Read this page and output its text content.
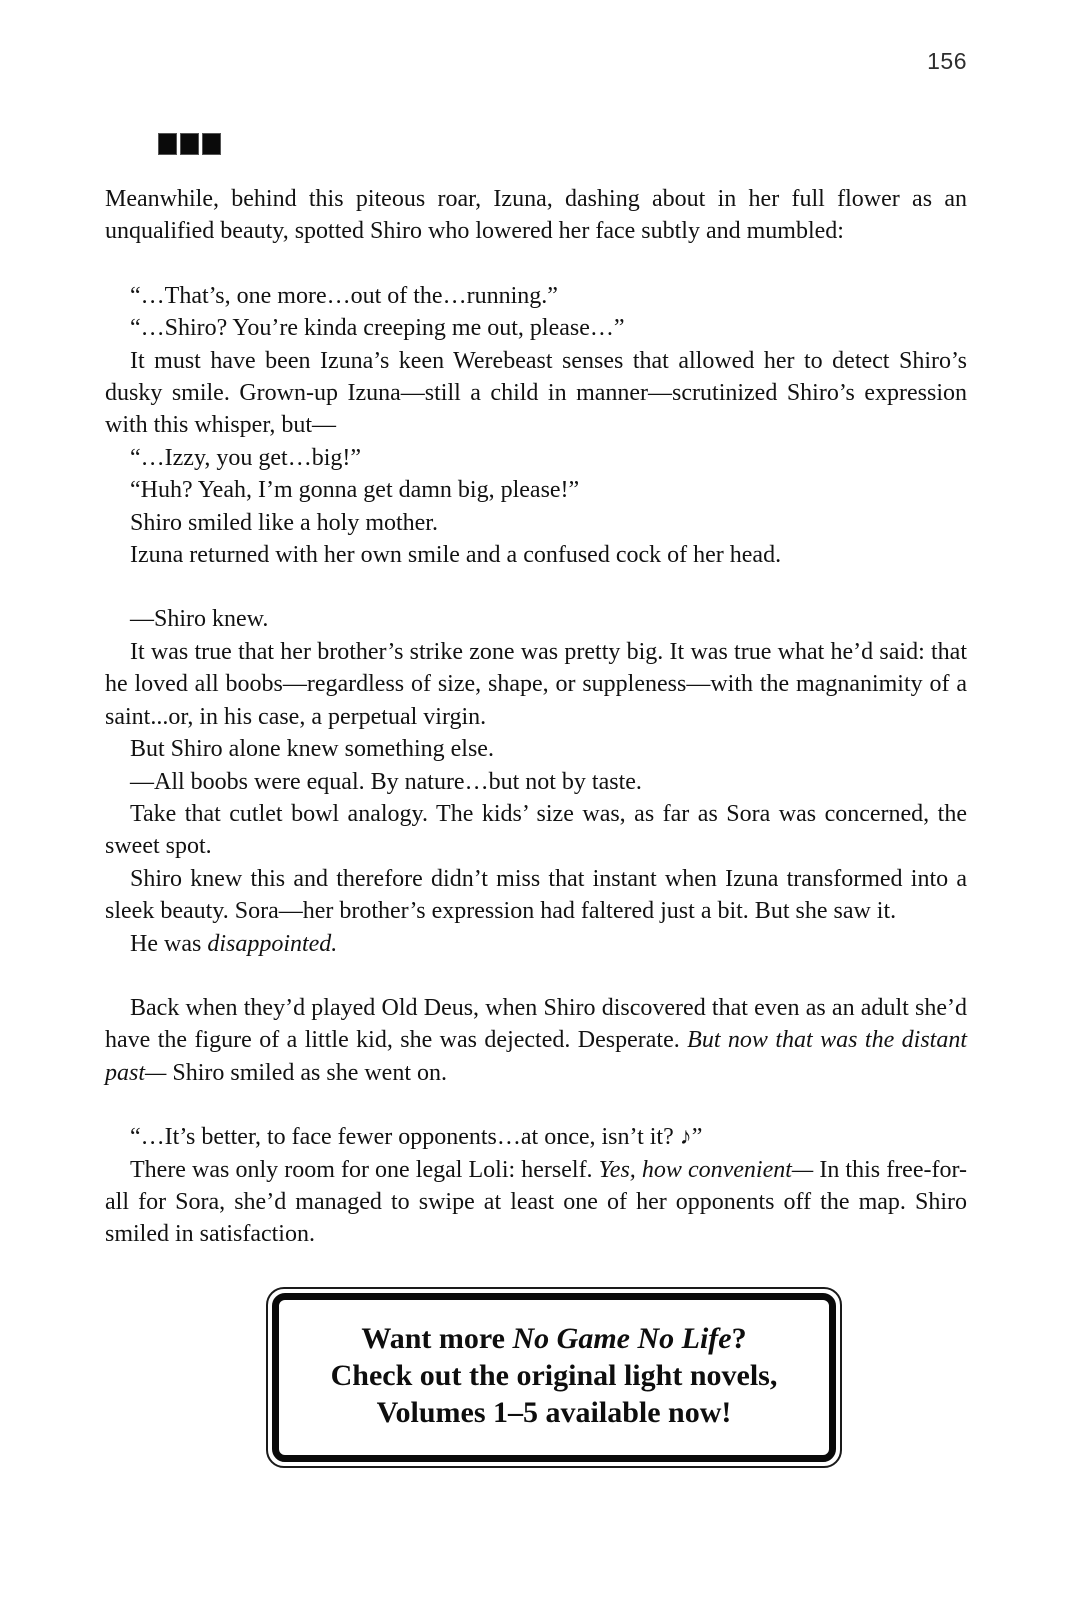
156

Meanwhile, behind this piteous roar, Izuna, dashing about in her full flower as an unqualified beauty, spotted Shiro who lowered her face subtly and mumbled:

“…That’s, one more…out of the…running.”

“…Shiro? You’re kinda creeping me out, please…”

It must have been Izuna’s keen Werebeast senses that allowed her to detect Shiro’s dusky smile. Grown-up Izuna—still a child in manner—scrutinized Shiro’s expression with this whisper, but—

“…Izzy, you get…big!”

“Huh? Yeah, I’m gonna get damn big, please!”

Shiro smiled like a holy mother.

Izuna returned with her own smile and a confused cock of her head.

—Shiro knew.

It was true that her brother’s strike zone was pretty big. It was true what he’d said: that he loved all boobs—regardless of size, shape, or suppleness—with the magnanimity of a saint...or, in his case, a perpetual virgin.

But Shiro alone knew something else.

—All boobs were equal. By nature…but not by taste.

Take that cutlet bowl analogy. The kids’ size was, as far as Sora was concerned, the sweet spot.

Shiro knew this and therefore didn’t miss that instant when Izuna transformed into a sleek beauty. Sora—her brother’s expression had faltered just a bit. But she saw it.

He was disappointed.

Back when they’d played Old Deus, when Shiro discovered that even as an adult she’d have the figure of a little kid, she was dejected. Desperate. But now that was the distant past— Shiro smiled as she went on.

“…It’s better, to face fewer opponents…at once, isn’t it? ♪”

There was only room for one legal Loli: herself. Yes, how convenient— In this free-for-all for Sora, she’d managed to swipe at least one of her opponents off the map. Shiro smiled in satisfaction.

Want more No Game No Life?
Check out the original light novels,
Volumes 1–5 available now!
